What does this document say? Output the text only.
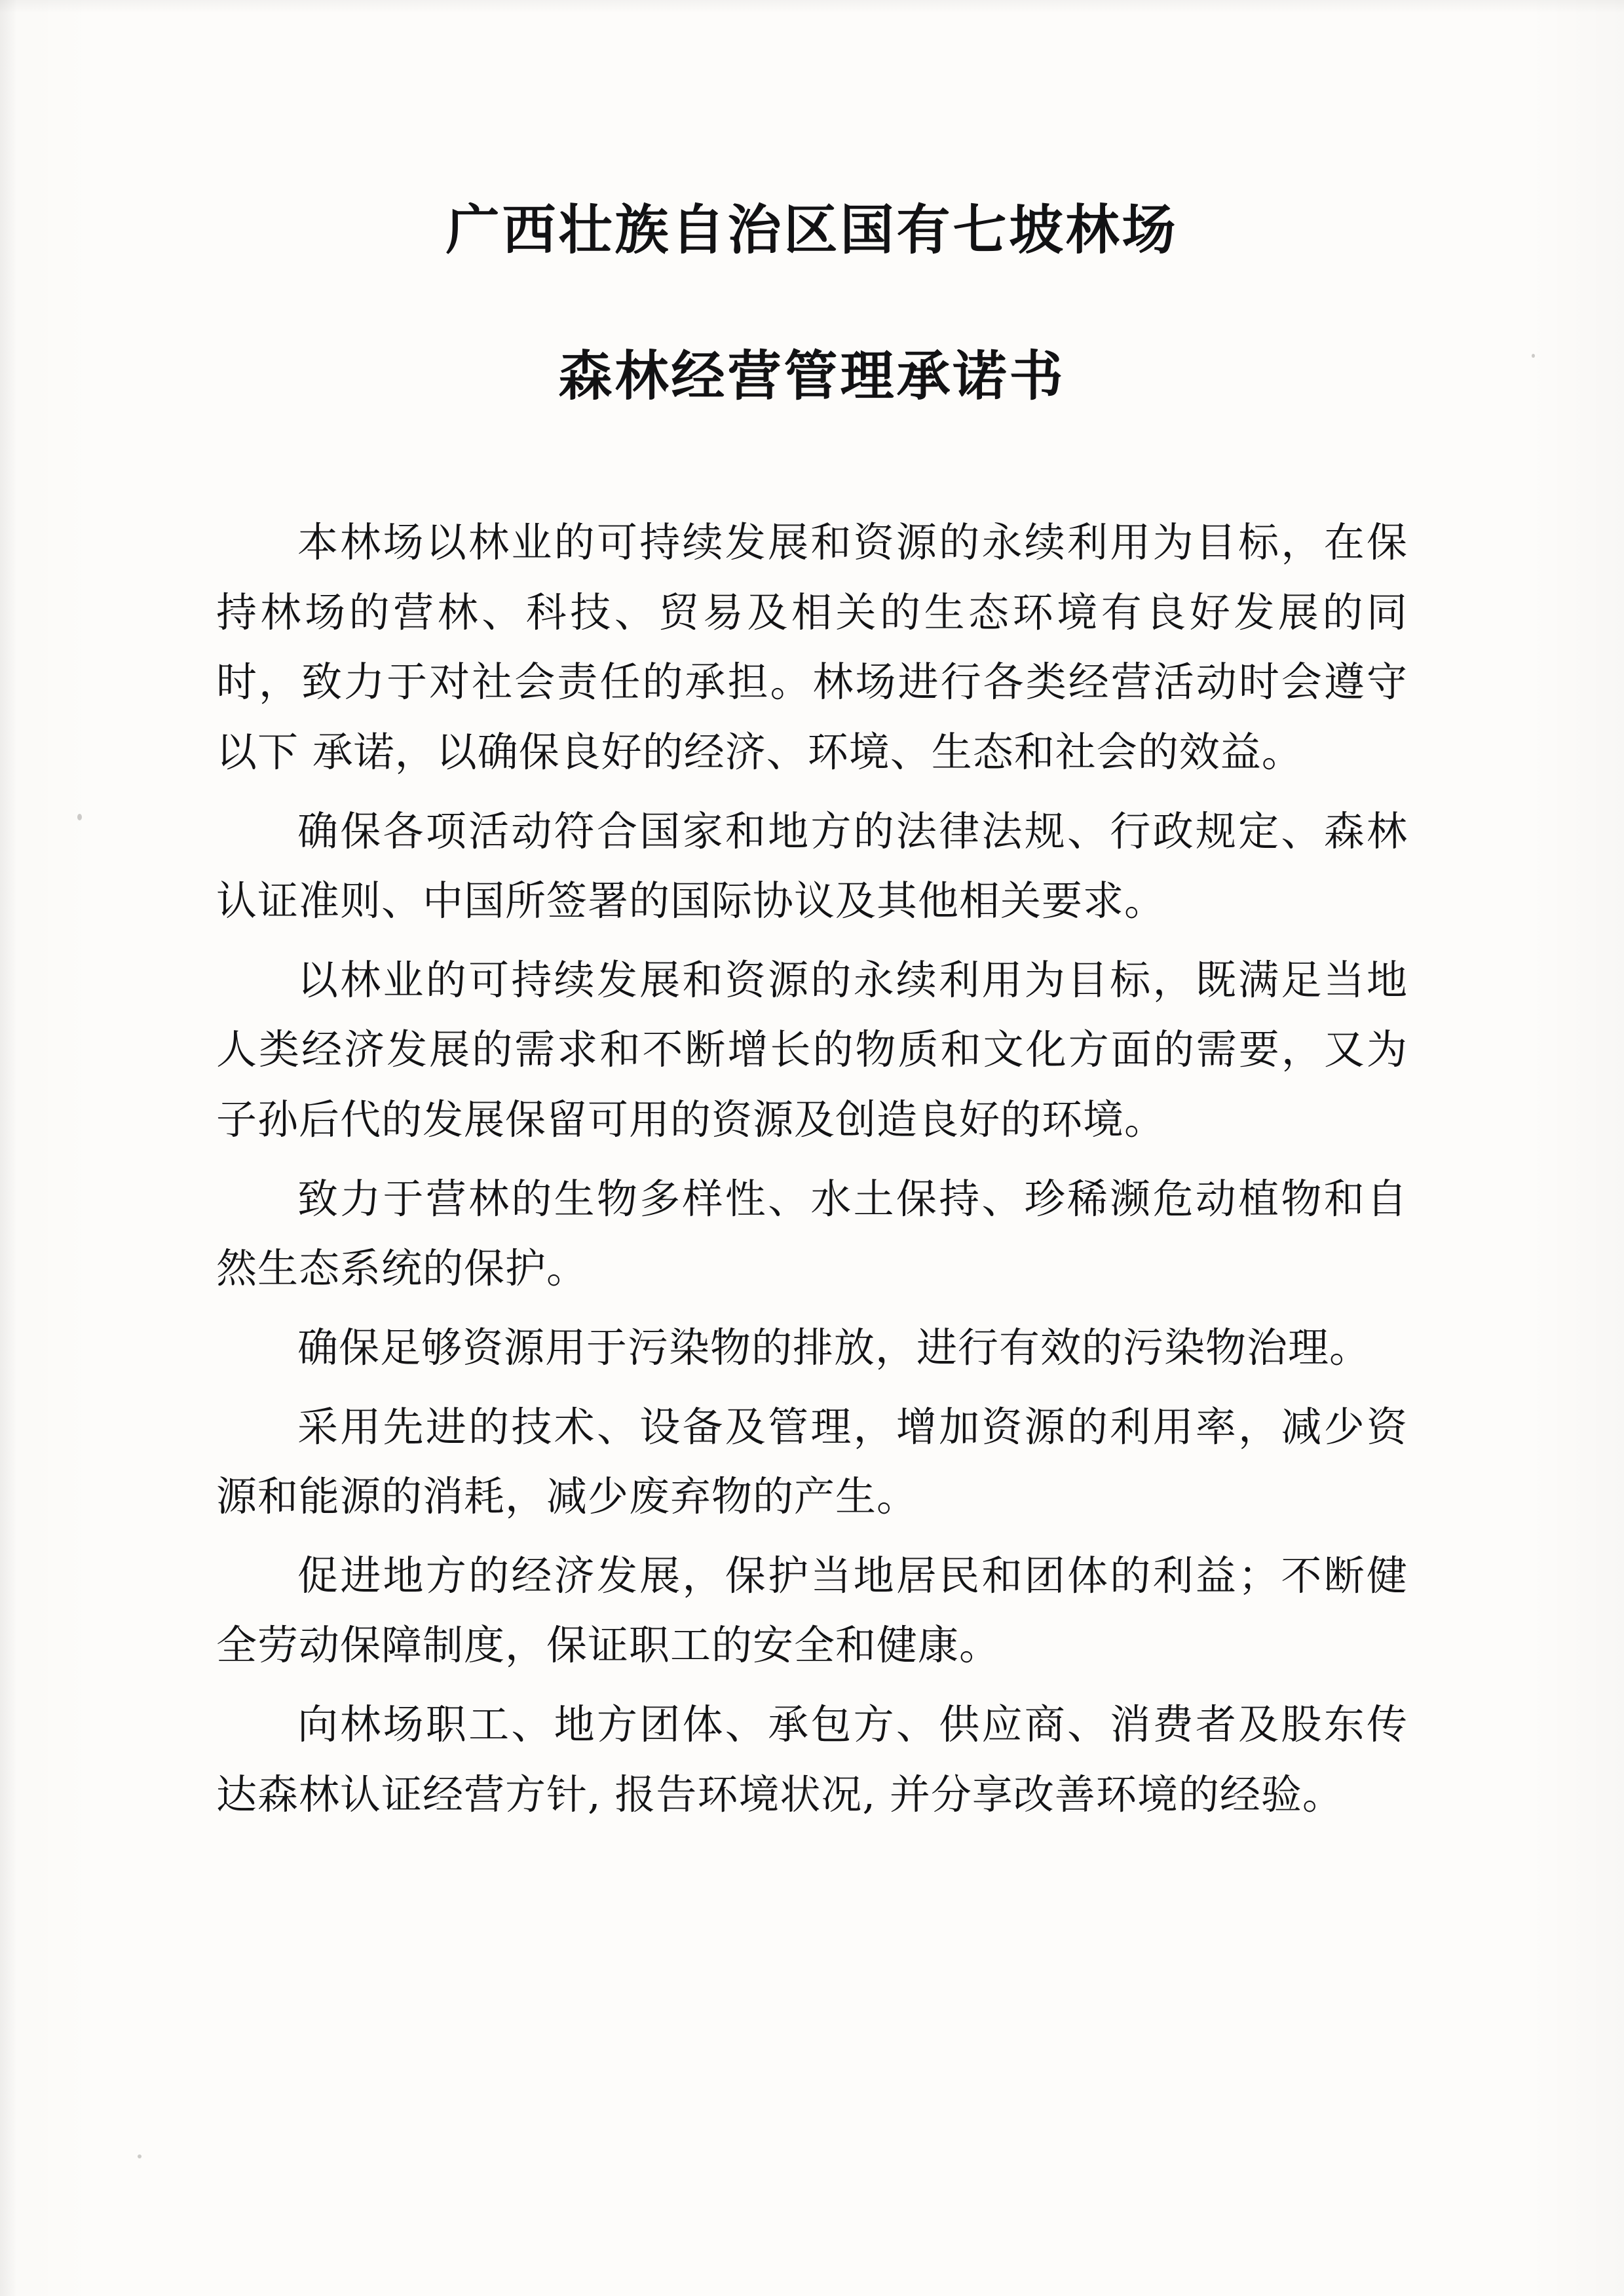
广西壮族自治区国有七坡林场
森林经营管理承诺书

本林场以林业的可持续发展和资源的永续利用为目标，在保 持林场的营林、科技、贸易及相关的生态环境有良好发展的同时，致力于对社会责任的承担。林场进行各类经营活动时会遵守以下 承诺，以确保良好的经济、环境、生态和社会的效益。

确保各项活动符合国家和地方的法律法规、行政规定、森林认证准则、中国所签署的国际协议及其他相关要求。

以林业的可持续发展和资源的永续利用为目标，既满足当地 人类经济发展的需求和不断增长的物质和文化方面的需要，又为子孙后代的发展保留可用的资源及创造良好的环境。

致力于营林的生物多样性、水土保持、珍稀濒危动植物和自然生态系统的保护。

确保足够资源用于污染物的排放，进行有效的污染物治理。

采用先进的技术、设备及管理，增加资源的利用率，减少资源和能源的消耗，减少废弃物的产生。

促进地方的经济发展，保护当地居民和团体的利益；不断健全劳动保障制度，保证职工的安全和健康。

向林场职工、地方团体、承包方、供应商、消费者及股东传达森林认证经营方针, 报告环境状况, 并分享改善环境的经验。
